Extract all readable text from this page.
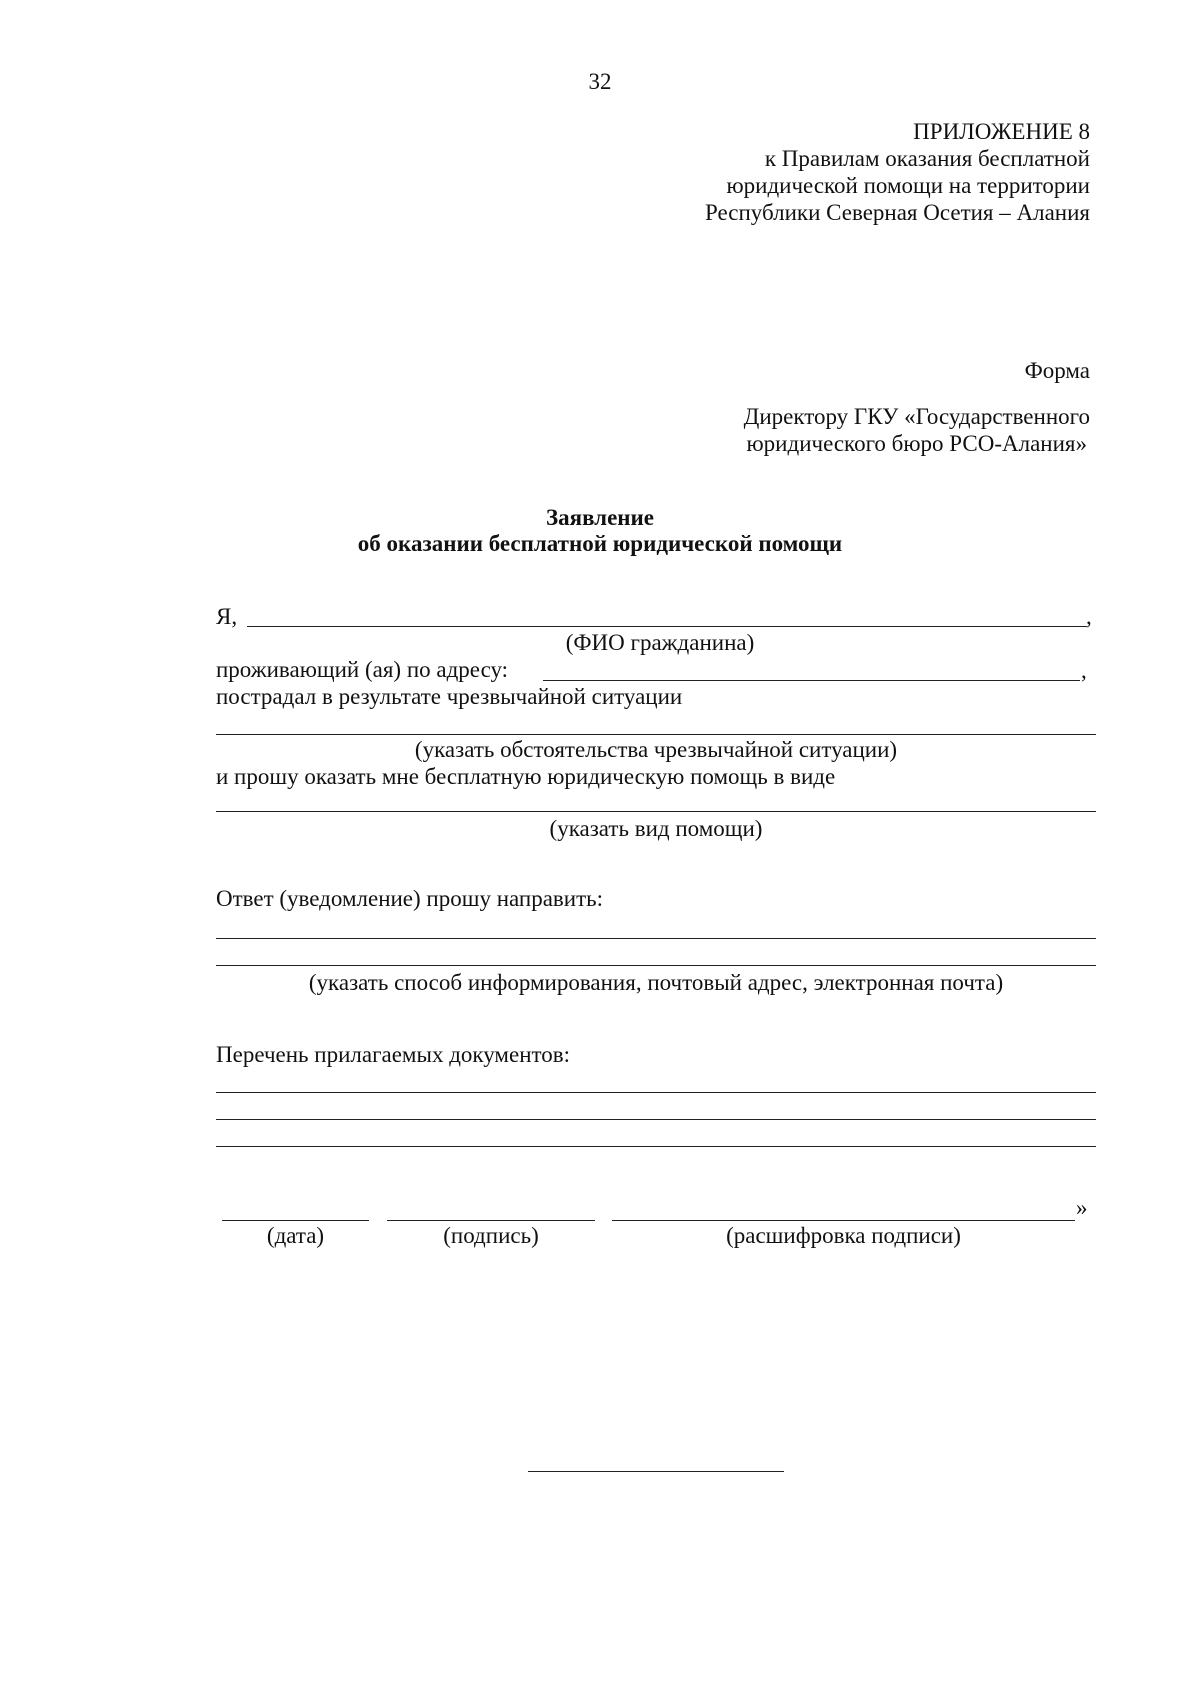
32
ПРИЛОЖЕНИЕ 8
к Правилам оказания бесплатной
юридической помощи на территории
Республики Северная Осетия – Алания
Форма
Директору ГКУ «Государственного
юридического бюро РСО-Алания»
Заявление
об оказании бесплатной юридической помощи
Я,	,
(ФИО гражданина)
проживающий (ая) по адресу:	,
пострадал в результате чрезвычайной ситуации
(указать обстоятельства чрезвычайной ситуации)
и прошу оказать мне бесплатную юридическую помощь в виде
(указать вид помощи)
Ответ (уведомление) прошу направить:
(указать способ информирования, почтовый адрес, электронная почта)
Перечень прилагаемых документов:
»
(дата)	(подпись)	(расшифровка подписи)
